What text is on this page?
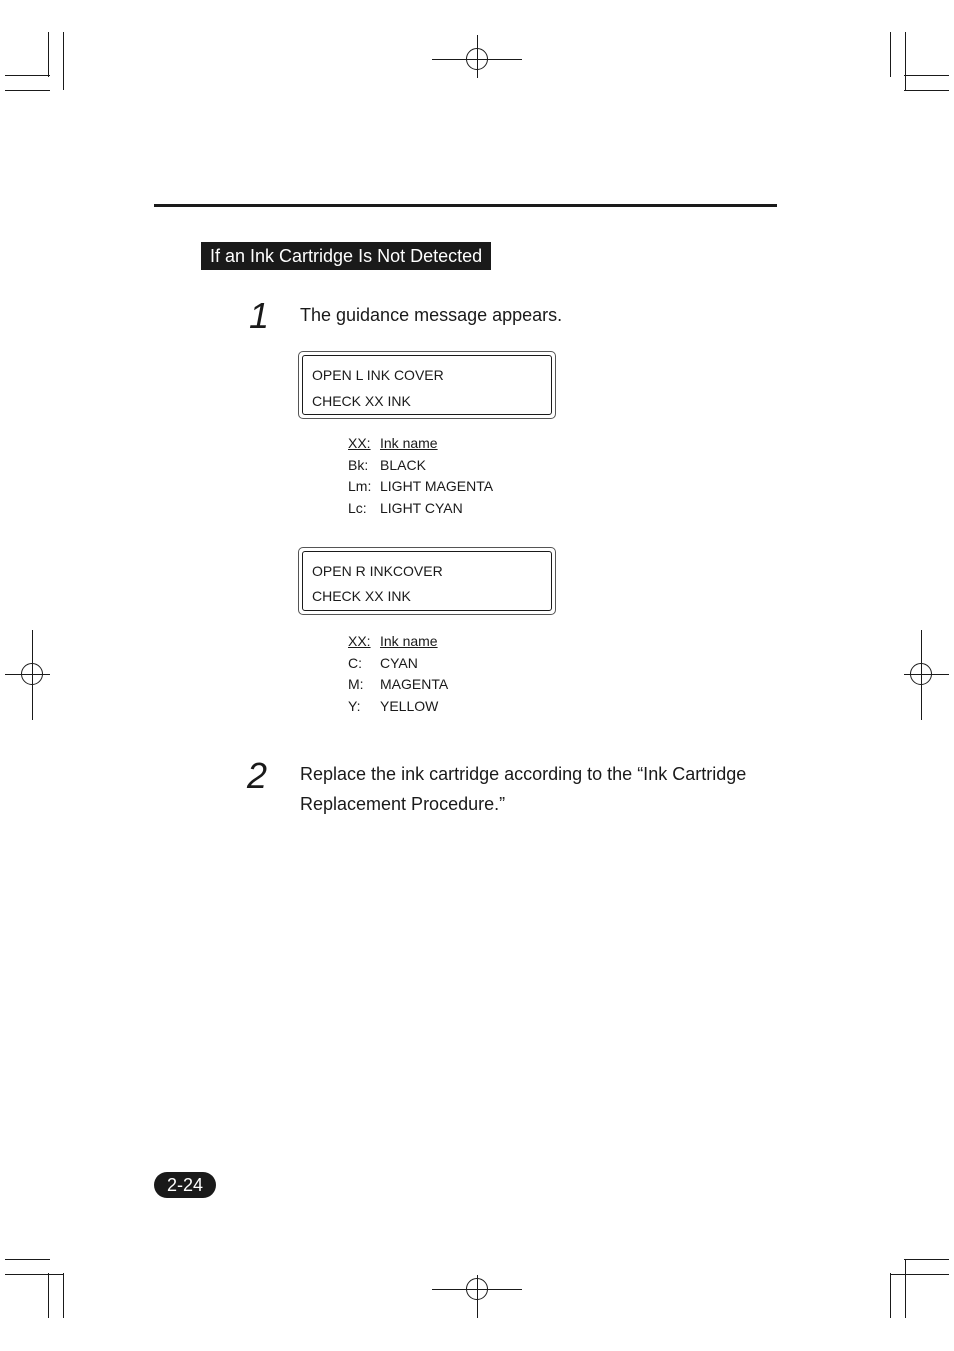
If an Ink Cartridge Is Not Detected
1 The guidance message appears.
OPEN L INK COVER
CHECK XX INK
XX: Ink name
Bk: BLACK
Lm: LIGHT MAGENTA
Lc: LIGHT CYAN
OPEN R INKCOVER
CHECK XX INK
XX: Ink name
C:	CYAN
M:	MAGENTA
Y:	YELLOW
2 Replace the ink cartridge according to the “Ink Cartridge
Replacement Procedure.”
2-24
